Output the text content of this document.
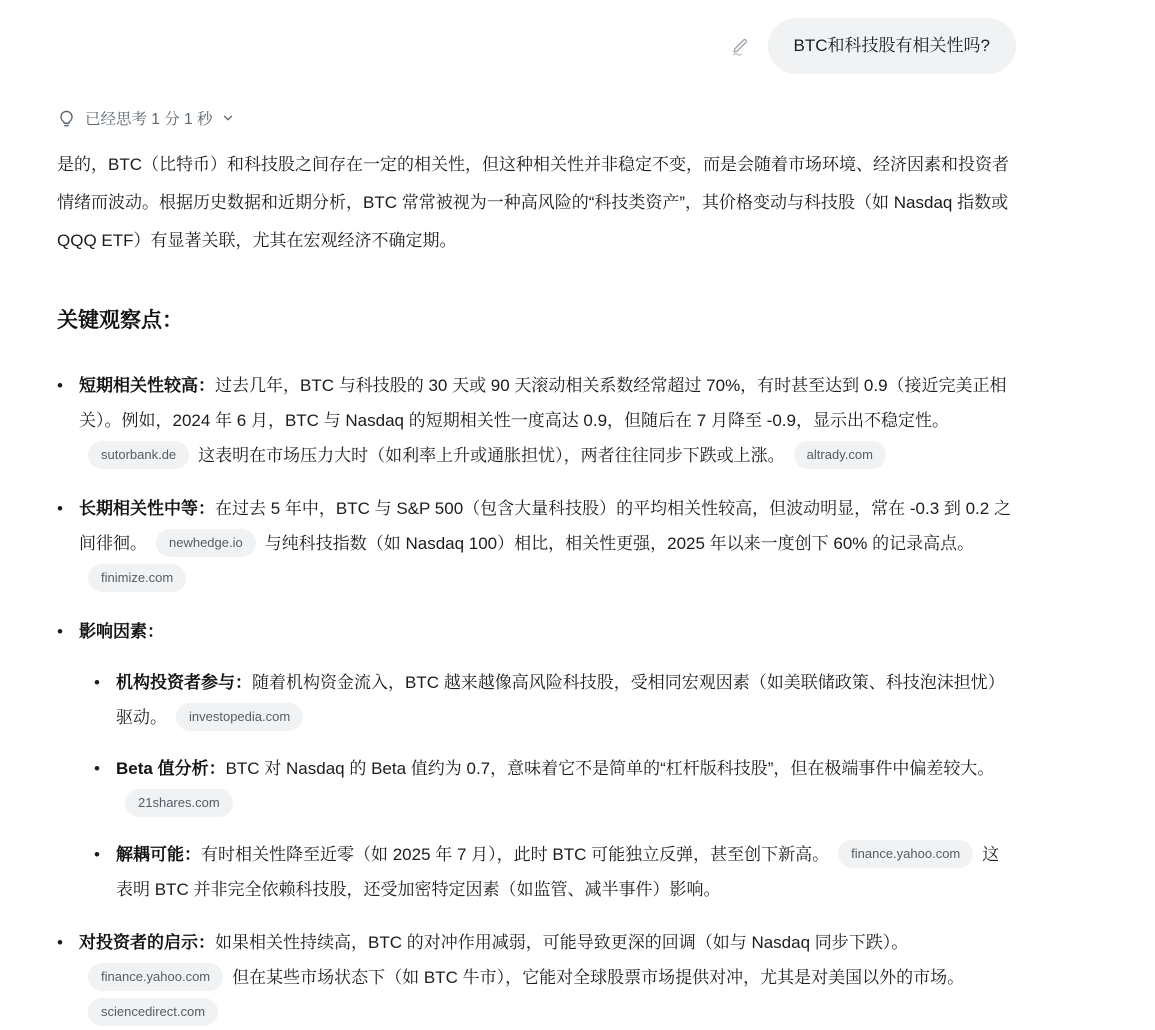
BTC和科技股有相关性吗?
已经思考 1 分 1 秒

是的，BTC（比特币）和科技股之间存在一定的相关性，但这种相关性并非稳定不变，而是会随着市场环境、经济因素和投资者情绪而波动。根据历史数据和近期分析，BTC 常常被视为一种高风险的“科技类资产”，其价格变动与科技股（如 Nasdaq 指数或 QQQ ETF）有显著关联，尤其在宏观经济不确定期。

关键观察点：
• 短期相关性较高：过去几年，BTC 与科技股的 30 天或 90 天滚动相关系数经常超过 70%，有时甚至达到 0.9（接近完美正相关）。例如，2024 年 6 月，BTC 与 Nasdaq 的短期相关性一度高达 0.9，但随后在 7 月降至 -0.9，显示出不稳定性。sutorbank.de 这表明在市场压力大时（如利率上升或通胀担忧），两者往往同步下跌或上涨。 altrady.com
• 长期相关性中等：在过去 5 年中，BTC 与 S&P 500（包含大量科技股）的平均相关性较高，但波动明显，常在 -0.3 到 0.2 之间徘徊。 newhedge.io 与纯科技指数（如 Nasdaq 100）相比，相关性更强，2025 年以来一度创下 60% 的记录高点。finimize.com
• 影响因素：
• 机构投资者参与：随着机构资金流入，BTC 越来越像高风险科技股，受相同宏观因素（如美联储政策、科技泡沫担忧）驱动。 investopedia.com
• Beta 值分析：BTC 对 Nasdaq 的 Beta 值约为 0.7，意味着它不是简单的“杠杆版科技股”，但在极端事件中偏差较大。21shares.com
• 解耦可能：有时相关性降至近零（如 2025 年 7 月），此时 BTC 可能独立反弹，甚至创下新高。 finance.yahoo.com 这表明 BTC 并非完全依赖科技股，还受加密特定因素（如监管、减半事件）影响。
• 对投资者的启示：如果相关性持续高，BTC 的对冲作用减弱，可能导致更深的回调（如与 Nasdaq 同步下跌）。finance.yahoo.com 但在某些市场状态下（如 BTC 牛市），它能对全球股票市场提供对冲，尤其是对美国以外的市场。sciencedirect.com
